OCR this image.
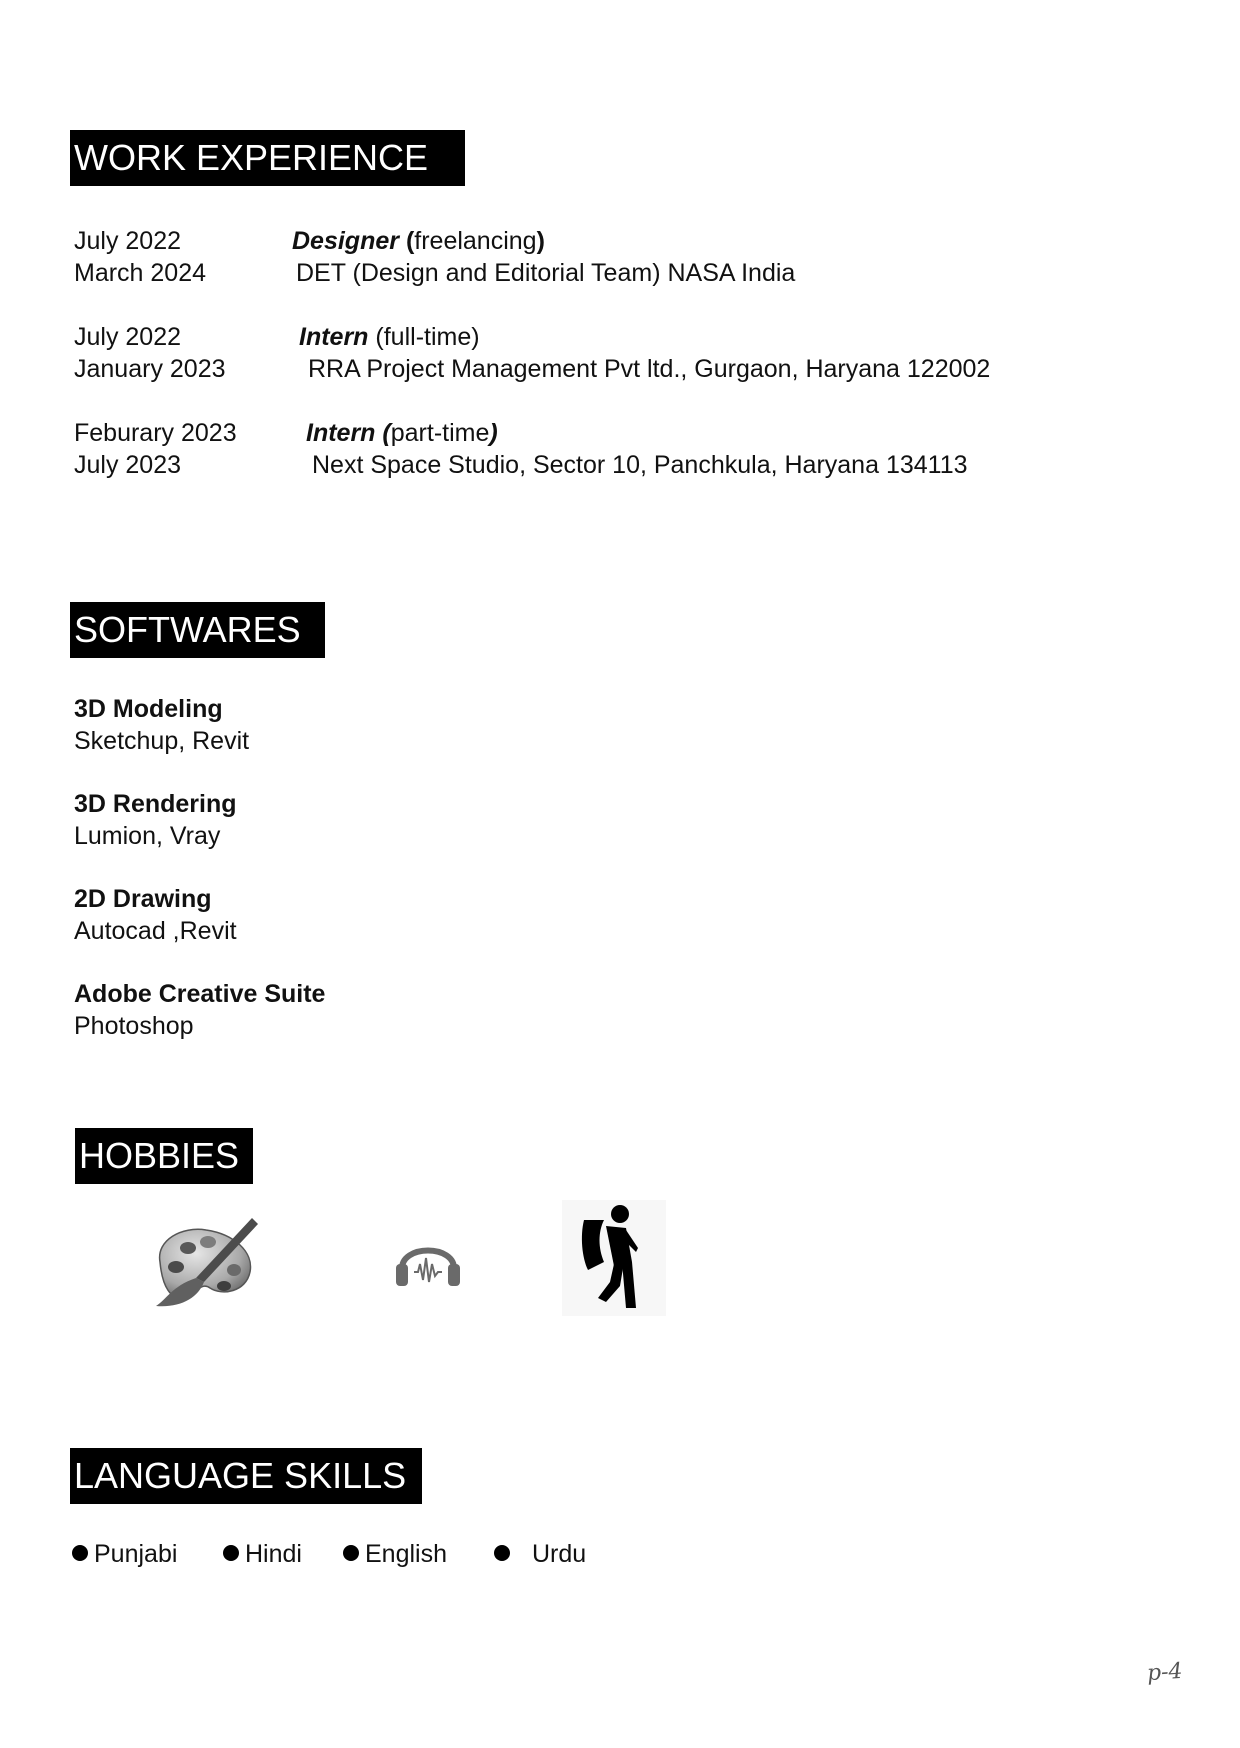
WORK EXPERIENCE
July 2022	Designer (freelancing)
March 2024	DET (Design and Editorial Team) NASA India
July 2022	Intern (full-time)
January 2023	RRA Project Management Pvt ltd., Gurgaon, Haryana 122002
Feburary 2023	Intern (part-time)
July 2023	Next Space Studio, Sector 10, Panchkula, Haryana 134113
SOFTWARES
3D Modeling
Sketchup, Revit
3D Rendering
Lumion, Vray
2D Drawing
Autocad ,Revit
Adobe Creative Suite
Photoshop
HOBBIES
LANGUAGE SKILLS
Punjabi	Hindi	English	Urdu
p-4
